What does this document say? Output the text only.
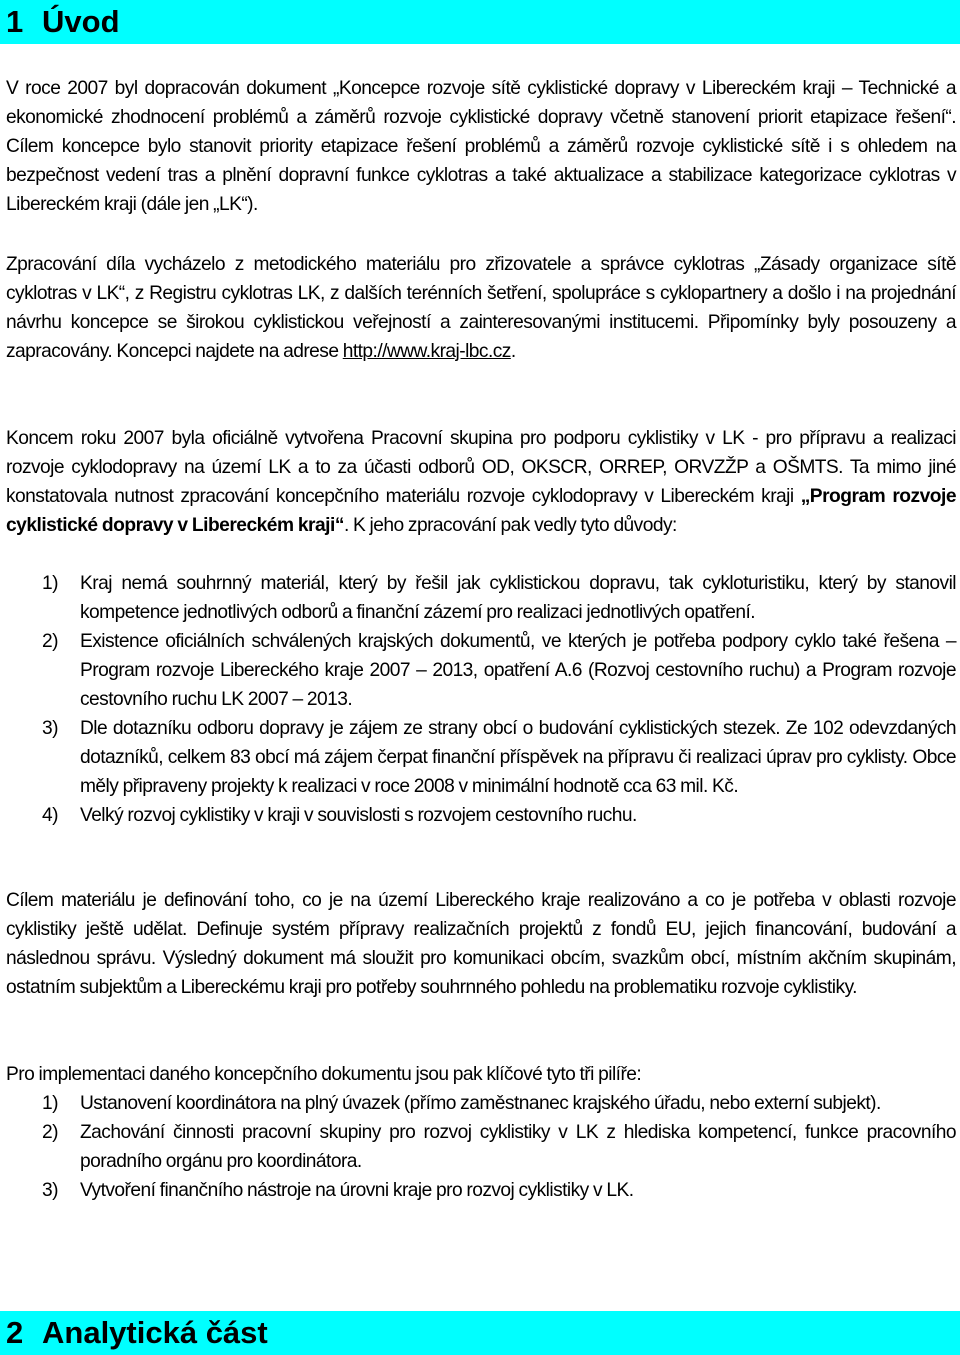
1 Úvod
V roce 2007 byl dopracován dokument „Koncepce rozvoje sítě cyklistické dopravy v Libereckém kraji – Technické a ekonomické zhodnocení problémů a záměrů rozvoje cyklistické dopravy včetně stanovení priorit etapizace řešení“. Cílem koncepce bylo stanovit priority etapizace řešení problémů a záměrů rozvoje cyklistické sítě i s ohledem na bezpečnost vedení tras a plnění dopravní funkce cyklotras a také aktualizace a stabilizace kategorizace cyklotras v Libereckém kraji (dále jen „LK“).
Zpracování díla vycházelo z metodického materiálu pro zřizovatele a správce cyklotras „Zásady organizace sítě cyklotras v LK“, z Registru cyklotras LK, z dalších terénních šetření, spolupráce s cyklopartnery a došlo i na projednání návrhu koncepce se širokou cyklistickou veřejností a zainteresovanými institucemi. Připomínky byly posouzeny a zapracovány. Koncepci najdete na adrese http://www.kraj-lbc.cz.
Koncem roku 2007 byla oficiálně vytvořena Pracovní skupina pro podporu cyklistiky v LK - pro přípravu a realizaci rozvoje cyklodopravy na území LK a to za účasti odborů OD, OKSCR, ORREP, ORVZŽP a OŠMTS. Ta mimo jiné konstatovala nutnost zpracování koncepčního materiálu rozvoje cyklodopravy v Libereckém kraji „Program rozvoje cyklistické dopravy v Libereckém kraji“. K jeho zpracování pak vedly tyto důvody:
1) Kraj nemá souhrnný materiál, který by řešil jak cyklistickou dopravu, tak cykloturistiku, který by stanovil kompetence jednotlivých odborů a finanční zázemí pro realizaci jednotlivých opatření.
2) Existence oficiálních schválených krajských dokumentů, ve kterých je potřeba podpory cyklo také řešena – Program rozvoje Libereckého kraje 2007 – 2013, opatření A.6 (Rozvoj cestovního ruchu) a Program rozvoje cestovního ruchu LK 2007 – 2013.
3) Dle dotazníku odboru dopravy je zájem ze strany obcí o budování cyklistických stezek. Ze 102 odevzdaných dotazníků, celkem 83 obcí má zájem čerpat finanční příspěvek na přípravu či realizaci úprav pro cyklisty. Obce měly připraveny projekty k realizaci v roce 2008 v minimální hodnotě cca 63 mil. Kč.
4) Velký rozvoj cyklistiky v kraji v souvislosti s rozvojem cestovního ruchu.
Cílem materiálu je definování toho, co je na území Libereckého kraje realizováno a co je potřeba v oblasti rozvoje cyklistiky ještě udělat. Definuje systém přípravy realizačních projektů z fondů EU, jejich financování, budování a následnou správu. Výsledný dokument má sloužit pro komunikaci obcím, svazkům obcí, místním akčním skupinám, ostatním subjektům a Libereckému kraji pro potřeby souhrnného pohledu na problematiku rozvoje cyklistiky.
Pro implementaci daného koncepčního dokumentu jsou pak klíčové tyto tři pilíře:
1) Ustanovení koordinátora na plný úvazek (přímo zaměstnanec krajského úřadu, nebo externí subjekt).
2) Zachování činnosti pracovní skupiny pro rozvoj cyklistiky v LK z hlediska kompetencí, funkce pracovního poradního orgánu pro koordinátora.
3) Vytvoření finančního nástroje na úrovni kraje pro rozvoj cyklistiky v LK.
2 Analytická část
